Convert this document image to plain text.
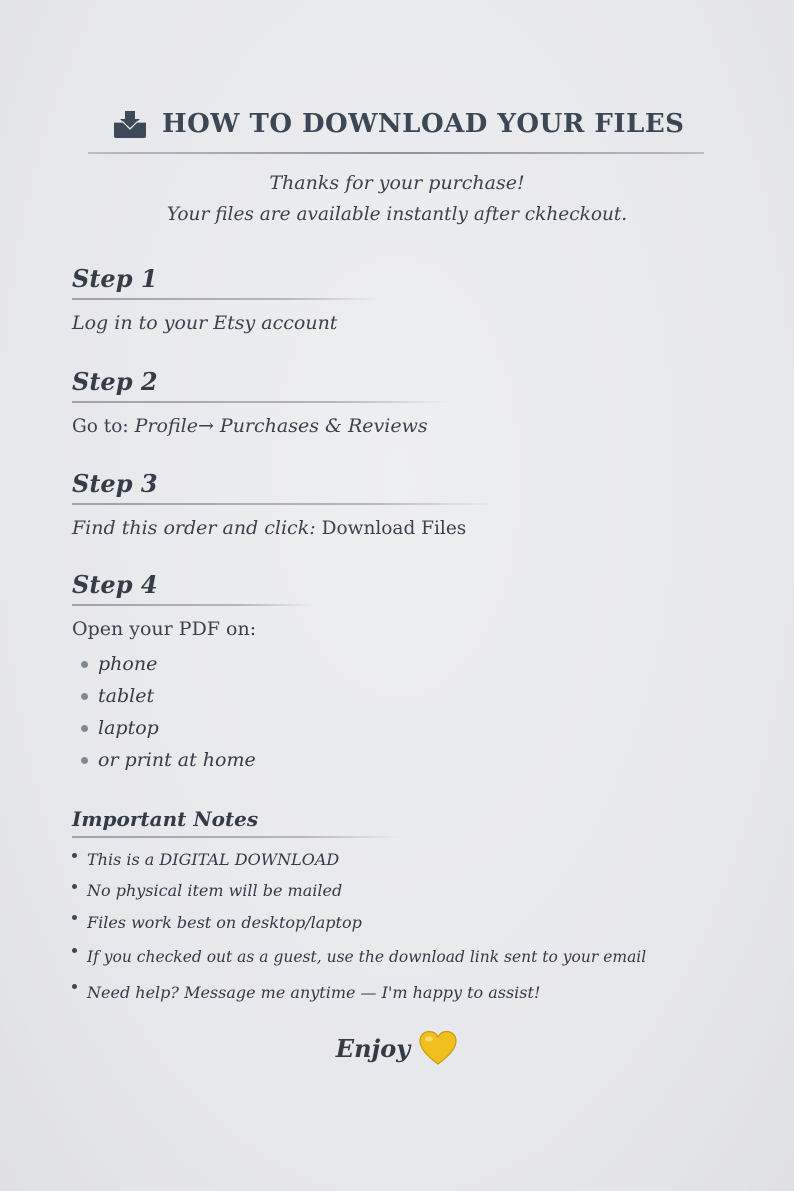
HOW TO DOWNLOAD YOUR FILES
Thanks for your purchase!
Your files are available instantly after ckheckout.
Step 1
Log in to your Etsy account
Step 2
Go to: Profile→ Purchases & Reviews
Step 3
Find this order and click: Download Files
Step 4
Open your PDF on:
phone
tablet
laptop
or print at home
Important Notes
This is a DIGITAL DOWNLOAD
No physical item will be mailed
Files work best on desktop/laptop
If you checked out as a guest, use the download link sent to your email
Need help? Message me anytime — I'm happy to assist!
Enjoy
